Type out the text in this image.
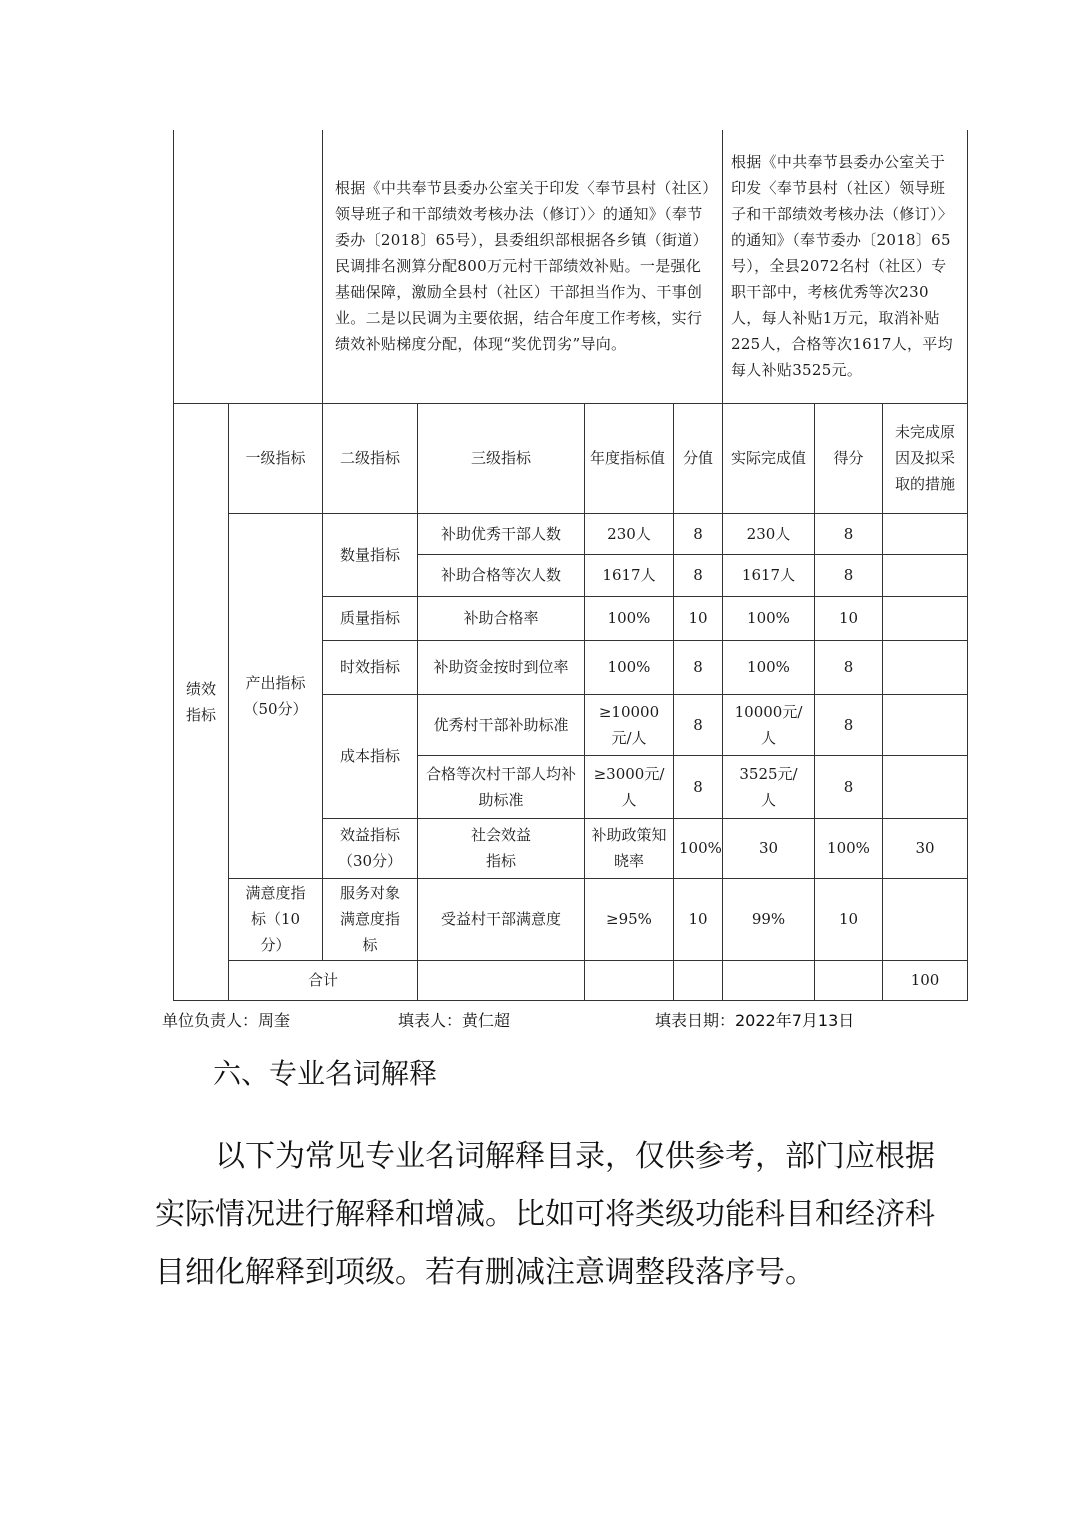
		根据《中共奉节县委办公室关于印发〈奉节县村（社区）领导班子和干部绩效考核办法（修订）〉的通知》（奉节委办〔2018〕65号），县委组织部根据各乡镇（街道）民调排名测算分配800万元村干部绩效补贴。一是强化基础保障，激励全县村（社区）干部担当作为、干事创业。二是以民调为主要依据，结合年度工作考核，实行绩效补贴梯度分配，体现“奖优罚劣”导向。				根据《中共奉节县委办公室关于印发〈奉节县村（社区）领导班子和干部绩效考核办法（修订）〉的通知》（奉节委办〔2018〕65号），全县2072名村（社区）专职干部中，考核优秀等次230人，每人补贴1万元，取消补贴225人，合格等次1617人，平均每人补贴3525元。			
绩效
指标	一级指标	二级指标	三级指标	年度指标值	分值	实际完成值	得分	未完成原因及拟采取的措施	
	产出指标（50分）	数量指标	补助优秀干部人数	230人	8	230人	8		
			补助合格等次人数	1617人	8	1617人	8		
		质量指标	补助合格率	100%	10	100%	10		
		时效指标	补助资金按时到位率	100%	8	100%	8		
		成本指标	优秀村干部补助标准	≥10000元/人	8	10000元/人	8		
			合格等次村干部人均补助标准	≥3000元/人	8	3525元/人	8		
		效益指标（30分）	社会效益指标	补助政策知晓率	100%	30	100%	30	
	满意度指标（10分）	服务对象满意度指标	受益村干部满意度	≥95%	10	99%	10		
	合计							100	
单位负责人：周奎	填表人：黄仁超	填表日期：2022年7月13日
六、专业名词解释

以下为常见专业名词解释目录，仅供参考，部门应根据实际情况进行解释和增减。比如可将类级功能科目和经济科目细化解释到项级。若有删减注意调整段落序号。
